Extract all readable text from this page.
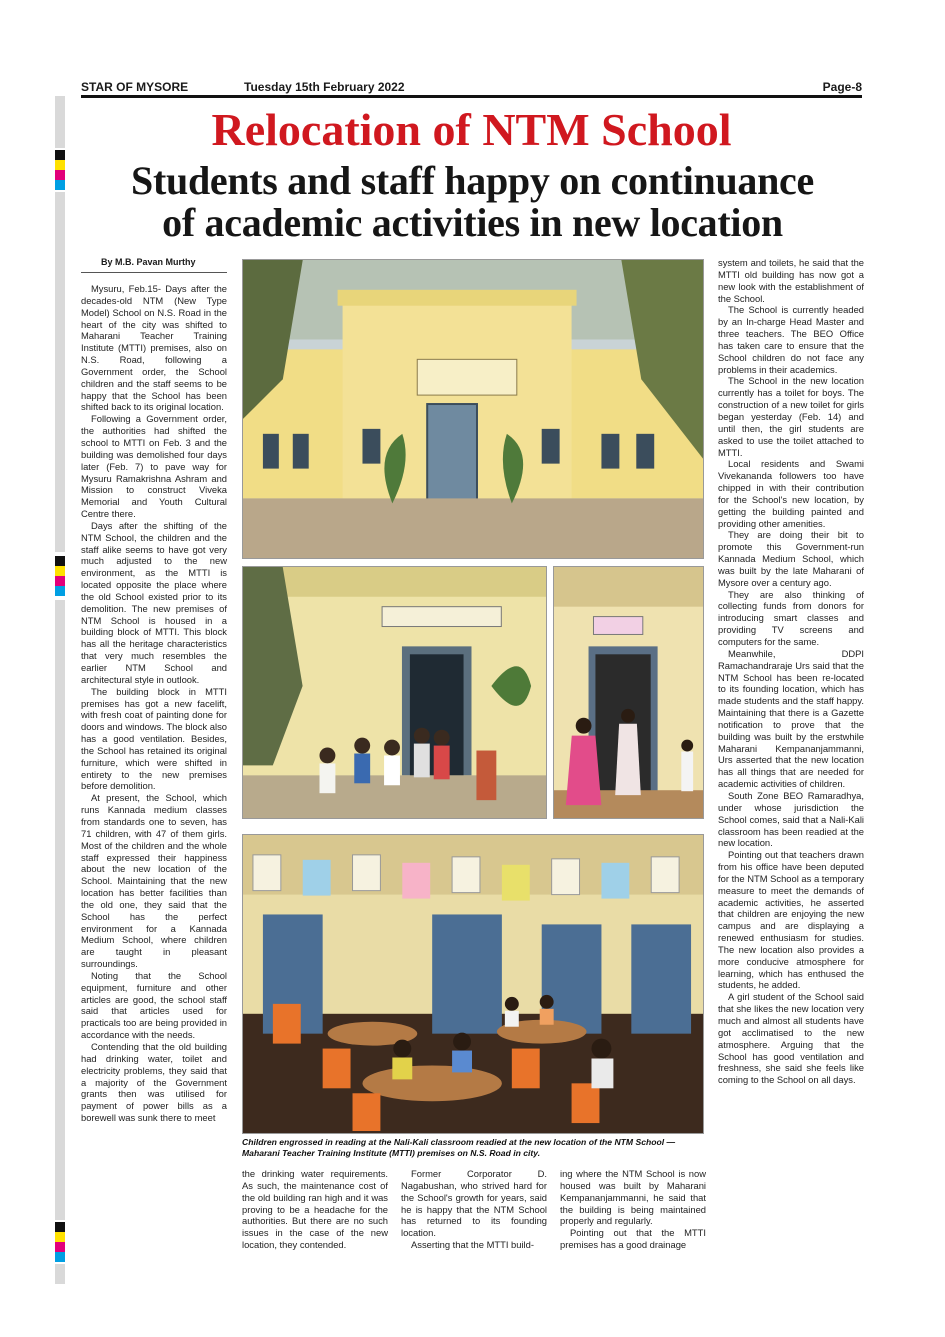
STAR OF MYSORE	Tuesday 15th February 2022	Page-8
Relocation of NTM School
Students and staff happy on continuance
of academic activities in new location
By M.B. Pavan Murthy

Mysuru, Feb.15- Days after the decades-old NTM (New Type Model) School on N.S. Road in the heart of the city was shifted to Maharani Teacher Training Institute (MTTI) premises, also on N.S. Road, following a Government order, the School children and the staff seems to be happy that the School has been shifted back to its original location.

Following a Government order, the authorities had shifted the school to MTTI on Feb. 3 and the building was demolished four days later (Feb. 7) to pave way for Mysuru Ramakrishna Ashram and Mission to construct Viveka Memorial and Youth Cultural Centre there.

Days after the shifting of the NTM School, the children and the staff alike seems to have got very much adjusted to the new environment, as the MTTI is located opposite the place where the old School existed prior to its demolition. The new premises of NTM School is housed in a building block of MTTI. This block has all the heritage characteristics that very much resembles the earlier NTM School and architectural style in outlook.

The building block in MTTI premises has got a new facelift, with fresh coat of painting done for doors and windows. The block also has a good ventilation. Besides, the School has retained its original furniture, which were shifted in entirety to the new premises before demolition.

At present, the School, which runs Kannada medium classes from standards one to seven, has 71 children, with 47 of them girls. Most of the children and the whole staff expressed their happiness about the new location of the School. Maintaining that the new location has better facilities than the old one, they said that the School has the perfect environment for a Kannada Medium School, where children are taught in pleasant surroundings.

Noting that the School equipment, furniture and other articles are good, the school staff said that articles used for practicals too are being provided in accordance with the needs.

Contending that the old building had drinking water, toilet and electricity problems, they said that a majority of the Government grants then was utilised for payment of power bills as a borewell was sunk there to meet

Children engrossed in reading at the Nali-Kali classroom readied at the new location of the NTM School — Maharani Teacher Training Institute (MTTI) premises on N.S. Road in city.

the drinking water requirements. As such, the maintenance cost of the old building ran high and it was proving to be a headache for the authorities. But there are no such issues in the case of the new location, they contended.

Former Corporator D. Nagabushan, who strived hard for the School's growth for years, said he is happy that the NTM School has returned to its founding location.

Asserting that the MTTI build-

ing where the NTM School is now housed was built by Maharani Kempananjammanni, he said that the building is being maintained properly and regularly.

Pointing out that the MTTI premises has a good drainage

system and toilets, he said that the MTTI old building has now got a new look with the establishment of the School.

The School is currently headed by an In-charge Head Master and three teachers. The BEO Office has taken care to ensure that the School children do not face any problems in their academics.

The School in the new location currently has a toilet for boys. The construction of a new toilet for girls began yesterday (Feb. 14) and until then, the girl students are asked to use the toilet attached to MTTI.

Local residents and Swami Vivekananda followers too have chipped in with their contribution for the School's new location, by getting the building painted and providing other amenities.

They are doing their bit to promote this Government-run Kannada Medium School, which was built by the late Maharani of Mysore over a century ago.

They are also thinking of collecting funds from donors for introducing smart classes and providing TV screens and computers for the same.

Meanwhile, DDPI Ramachandraraje Urs said that the NTM School has been re-located to its founding location, which has made students and the staff happy. Maintaining that there is a Gazette notification to prove that the building was built by the erstwhile Maharani Kempananjammanni, Urs asserted that the new location has all things that are needed for academic activities of children.

South Zone BEO Ramaradhya, under whose jurisdiction the School comes, said that a Nali-Kali classroom has been readied at the new location.

Pointing out that teachers drawn from his office have been deputed for the NTM School as a temporary measure to meet the demands of academic activities, he asserted that children are enjoying the new campus and are displaying a renewed enthusiasm for studies. The new location also provides a more conducive atmosphere for learning, which has enthused the students, he added.

A girl student of the School said that she likes the new location very much and almost all students have got acclimatised to the new atmosphere. Arguing that the School has good ventilation and freshness, she said she feels like coming to the School on all days.
